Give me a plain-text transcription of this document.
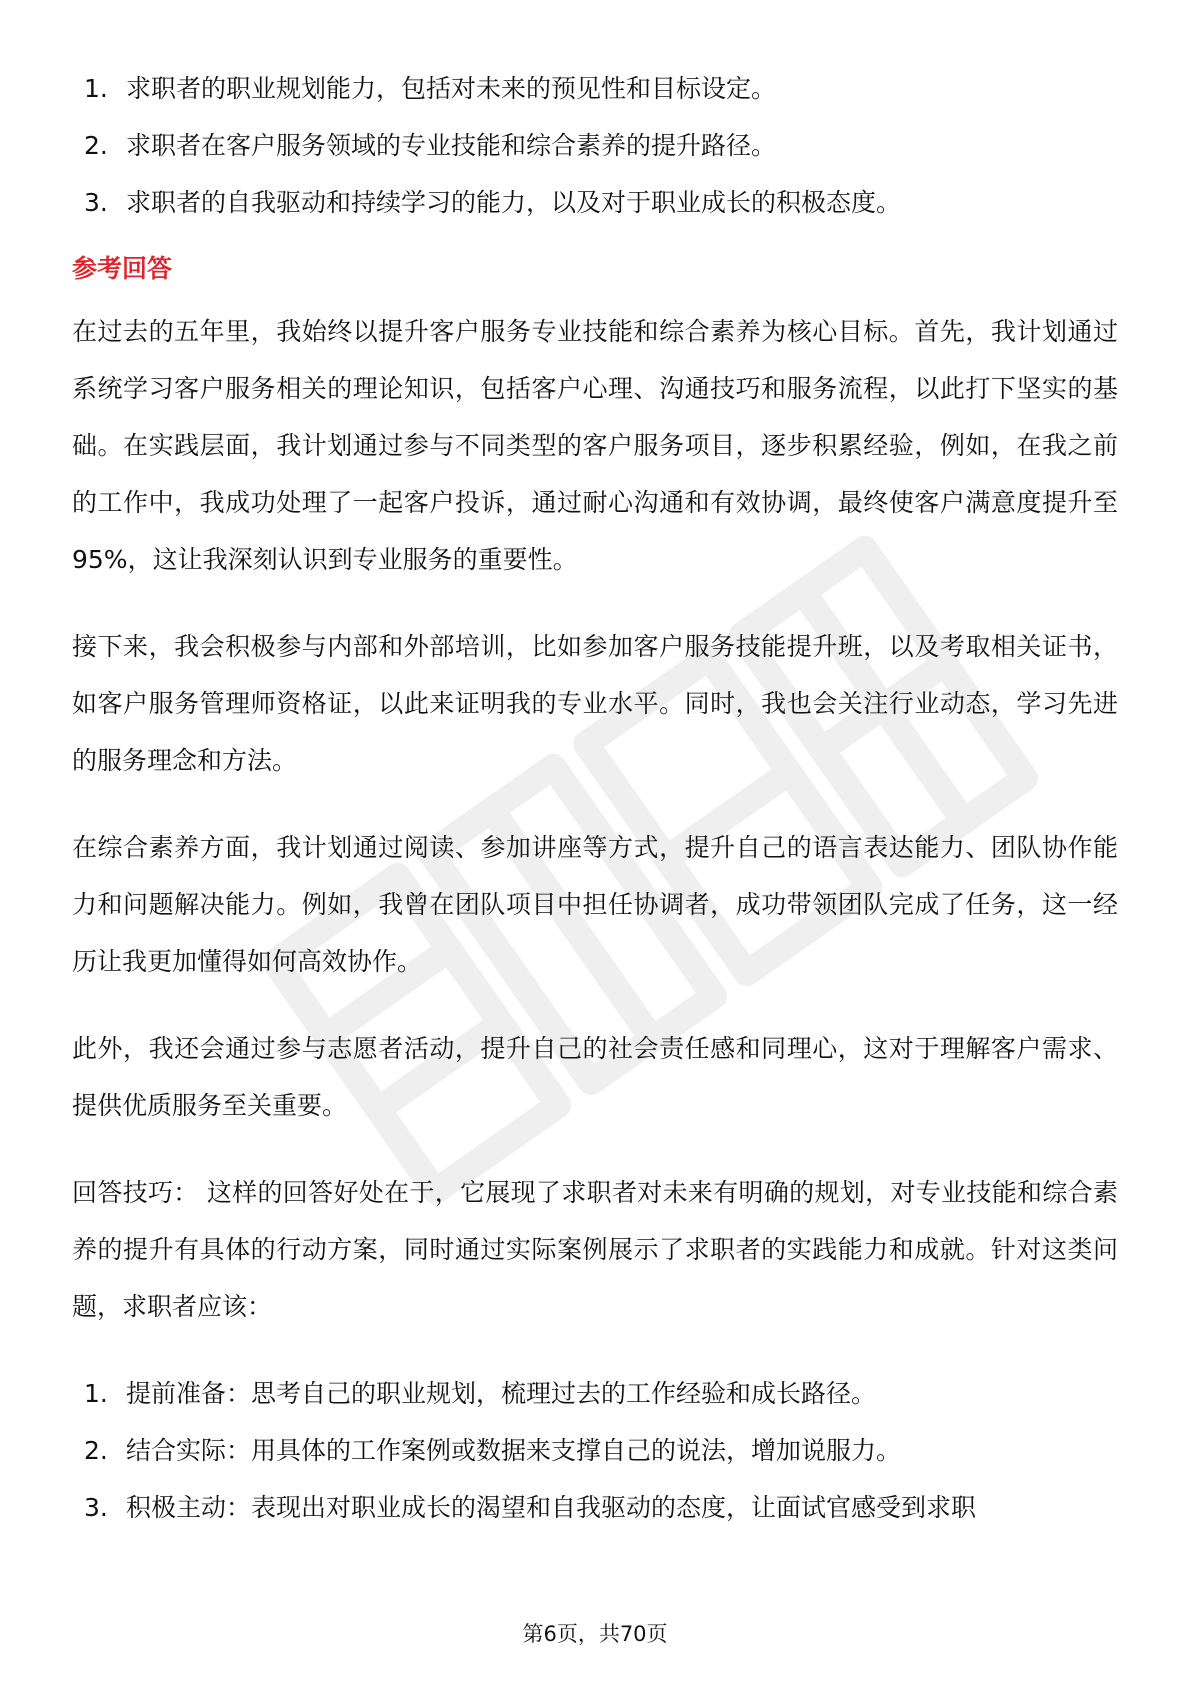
1. 求职者的职业规划能力，包括对未来的预见性和目标设定。
2. 求职者在客户服务领域的专业技能和综合素养的提升路径。
3. 求职者的自我驱动和持续学习的能力，以及对于职业成长的积极态度。
参考回答

在过去的五年里，我始终以提升客户服务专业技能和综合素养为核心目标。首先，我计划通过系统学习客户服务相关的理论知识，包括客户心理、沟通技巧和服务流程，以此打下坚实的基础。在实践层面，我计划通过参与不同类型的客户服务项目，逐步积累经验，例如，在我之前的工作中，我成功处理了一起客户投诉，通过耐心沟通和有效协调，最终使客户满意度提升至95%，这让我深刻认识到专业服务的重要性。

接下来，我会积极参与内部和外部培训，比如参加客户服务技能提升班，以及考取相关证书，如客户服务管理师资格证，以此来证明我的专业水平。同时，我也会关注行业动态，学习先进的服务理念和方法。

在综合素养方面，我计划通过阅读、参加讲座等方式，提升自己的语言表达能力、团队协作能力和问题解决能力。例如，我曾在团队项目中担任协调者，成功带领团队完成了任务，这一经历让我更加懂得如何高效协作。

此外，我还会通过参与志愿者活动，提升自己的社会责任感和同理心，这对于理解客户需求、提供优质服务至关重要。

回答技巧： 这样的回答好处在于，它展现了求职者对未来有明确的规划，对专业技能和综合素养的提升有具体的行动方案，同时通过实际案例展示了求职者的实践能力和成就。针对这类问题，求职者应该：

1. 提前准备：思考自己的职业规划，梳理过去的工作经验和成长路径。
2. 结合实际：用具体的工作案例或数据来支撑自己的说法，增加说服力。
3. 积极主动：表现出对职业成长的渴望和自我驱动的态度，让面试官感受到求职
第6页，共70页
